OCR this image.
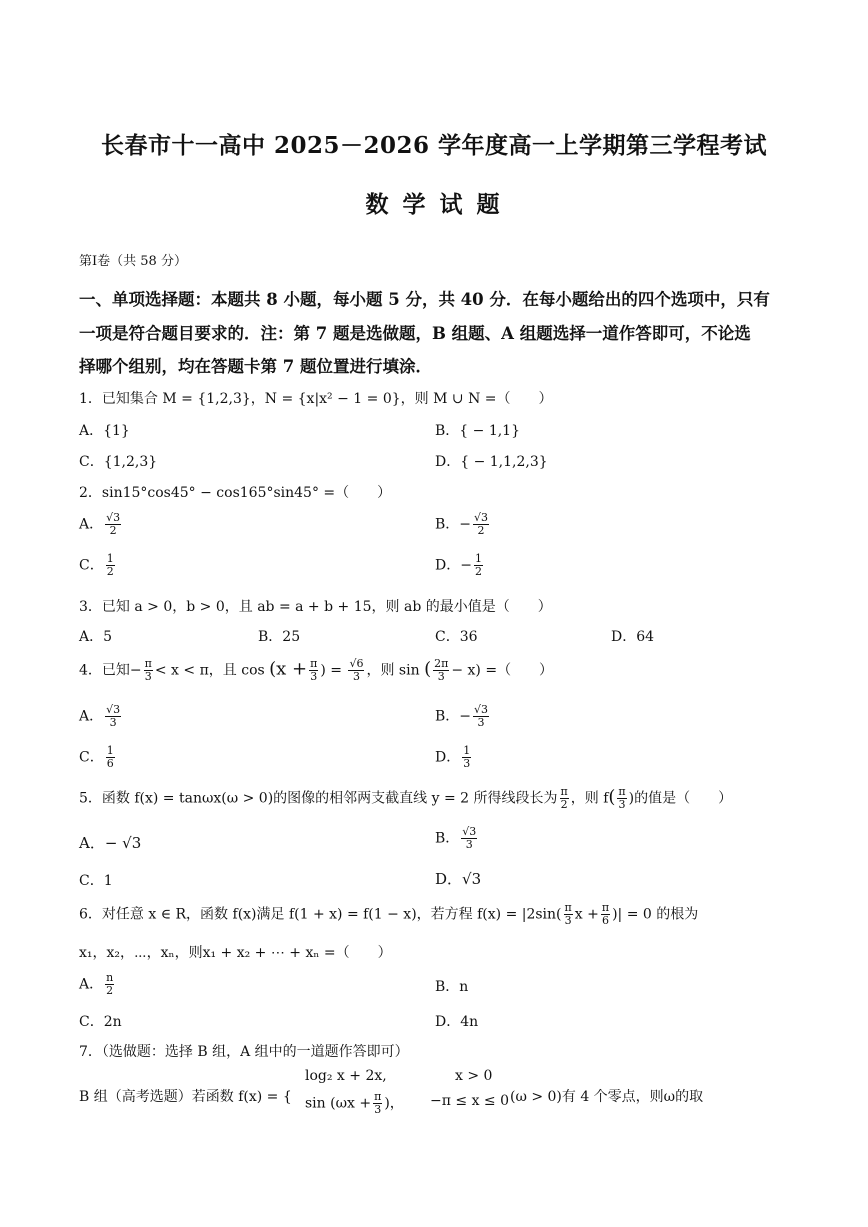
长春市十一高中 2025－2026 学年度高一上学期第三学程考试
数 学 试 题
第Ⅰ卷（共 58 分）
一、单项选择题：本题共 8 小题，每小题 5 分，共 40 分．在每小题给出的四个选项中，只有
一项是符合题目要求的．注：第 7 题是选做题，B 组题、A 组题选择一道作答即可，不论选
择哪个组别，均在答题卡第 7 题位置进行填涂．
1．已知集合 M = {1,2,3}，N = {x|x² − 1 = 0}，则 M ∪ N =（　　）
A．{1}	B．{ − 1,1}
C．{1,2,3}	D．{ − 1,1,2,3}
2．sin15°cos45° − cos165°sin45° =（　　）
A． $\frac{√3}{2}$	B．− $\frac{√3}{2}$
C． $\frac{1}{2}$	D．− $\frac{1}{2}$
3．已知 a > 0，b > 0，且 ab = a + b + 15，则 ab 的最小值是（　　）
A．5	B．25	C．36	D．64
4．已知− $\frac{\pi}{3} < x < \pi$，且 $\cos (x + \frac{\pi}{3}$ ) = $\frac{√6}{3}$ ，则 sin ( $\frac{2\pi}{3} - x$) =（　　）
A． $\frac{√3}{3}$	B．− $\frac{√3}{3}$
C． $\frac{1}{6}$	D． $\frac{1}{3}$
5．函数 f(x) = tanωx(ω > 0)的图像的相邻两支截直线 y = 2 所得线段长为 $\frac{\pi}{2}$ ，则 $f( \frac{\pi}{3}$ )的值是（　　）
A．− √3	B． $\frac{√3}{3}$
C．1	D．√3
6．对任意 x ∈ R，函数 f(x)满足 f(1 + x) = f(1 − x)，若方程 $f(x) = |2\sin( \frac{\pi}{3}$ $x + \frac{\pi}{6}$ )| = 0 的根为
x₁，x₂，⋯，xₙ，则x₁ + x₂ + ⋯ + xₙ =（　　）
A． $\frac{n}{2}$	B．n
C．2n	D．4n
7．（选做题：选择 B 组，A 组中的一道题作答即可）
B 组（高考选题）若函数 f(x) = {
log₂ x + 2x,	x > 0
$\sin (\omega x + \frac{\pi}{3}$ )， −π ≤ x ≤ 0 (ω > 0)有 4 个零点，则ω的取
